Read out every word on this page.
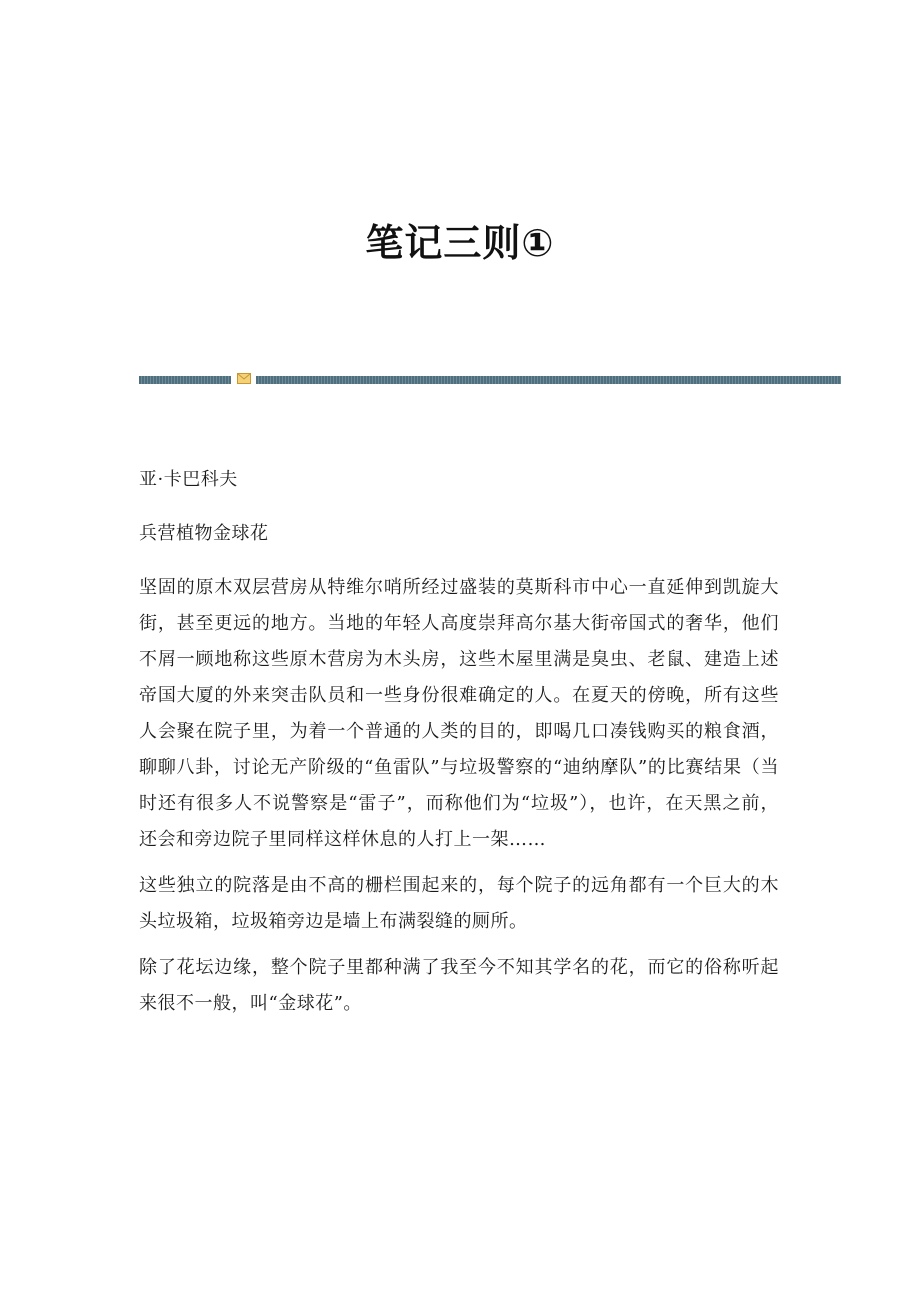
笔记三则①

亚·卡巴科夫

兵营植物金球花

坚固的原木双层营房从特维尔哨所经过盛装的莫斯科市中心一直延伸到凯旋大街，甚至更远的地方。当地的年轻人高度崇拜高尔基大街帝国式的奢华，他们不屑一顾地称这些原木营房为木头房，这些木屋里满是臭虫、老鼠、建造上述帝国大厦的外来突击队员和一些身份很难确定的人。在夏天的傍晚，所有这些人会聚在院子里，为着一个普通的人类的目的，即喝几口凑钱购买的粮食酒，聊聊八卦，讨论无产阶级的“鱼雷队”与垃圾警察的“迪纳摩队”的比赛结果（当时还有很多人不说警察是“雷子”，而称他们为“垃圾”），也许，在天黑之前，还会和旁边院子里同样这样休息的人打上一架……

这些独立的院落是由不高的栅栏围起来的，每个院子的远角都有一个巨大的木头垃圾箱，垃圾箱旁边是墙上布满裂缝的厕所。

除了花坛边缘，整个院子里都种满了我至今不知其学名的花，而它的俗称听起来很不一般，叫“金球花”。
